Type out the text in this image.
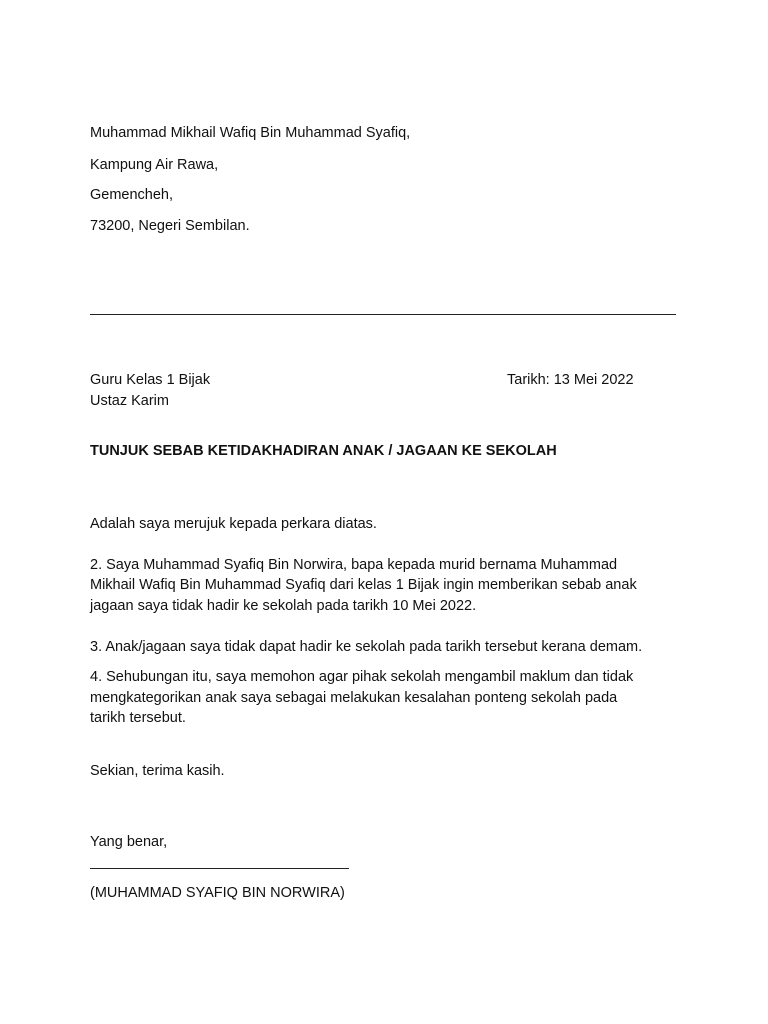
Muhammad Mikhail Wafiq Bin Muhammad Syafiq,
Kampung Air Rawa,
Gemencheh,
73200, Negeri Sembilan.
Guru Kelas 1 Bijak	Tarikh: 13 Mei 2022
Ustaz Karim
TUNJUK SEBAB KETIDAKHADIRAN ANAK / JAGAAN KE SEKOLAH
Adalah saya merujuk kepada perkara diatas.
2. Saya Muhammad Syafiq Bin Norwira, bapa kepada murid bernama Muhammad
Mikhail Wafiq Bin Muhammad Syafiq dari kelas 1 Bijak ingin memberikan sebab anak
jagaan saya tidak hadir ke sekolah pada tarikh 10 Mei 2022.
3. Anak/jagaan saya tidak dapat hadir ke sekolah pada tarikh tersebut kerana demam.
4. Sehubungan itu, saya memohon agar pihak sekolah mengambil maklum dan tidak
mengkategorikan anak saya sebagai melakukan kesalahan ponteng sekolah pada
tarikh tersebut.
Sekian, terima kasih.
Yang benar,
(MUHAMMAD SYAFIQ BIN NORWIRA)
